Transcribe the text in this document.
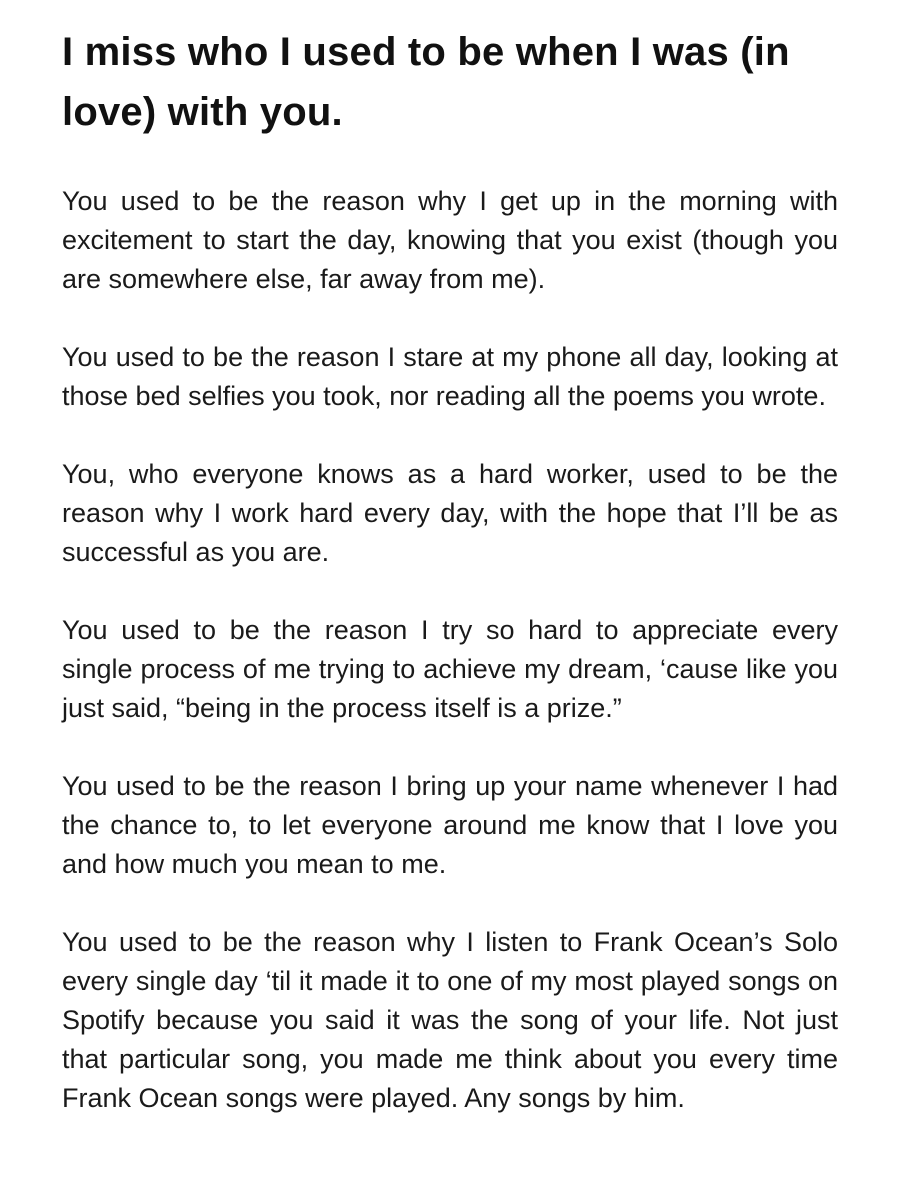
I miss who I used to be when I was (in love) with you.

You used to be the reason why I get up in the morning with excitement to start the day, knowing that you exist (though you are somewhere else, far away from me).

You used to be the reason I stare at my phone all day, looking at those bed selfies you took, nor reading all the poems you wrote.

You, who everyone knows as a hard worker, used to be the reason why I work hard every day, with the hope that I’ll be as successful as you are.

You used to be the reason I try so hard to appreciate every single process of me trying to achieve my dream, ‘cause like you just said, “being in the process itself is a prize.”

You used to be the reason I bring up your name whenever I had the chance to, to let everyone around me know that I love you and how much you mean to me.

You used to be the reason why I listen to Frank Ocean’s Solo every single day ‘til it made it to one of my most played songs on Spotify because you said it was the song of your life. Not just that particular song, you made me think about you every time Frank Ocean songs were played. Any songs by him.
